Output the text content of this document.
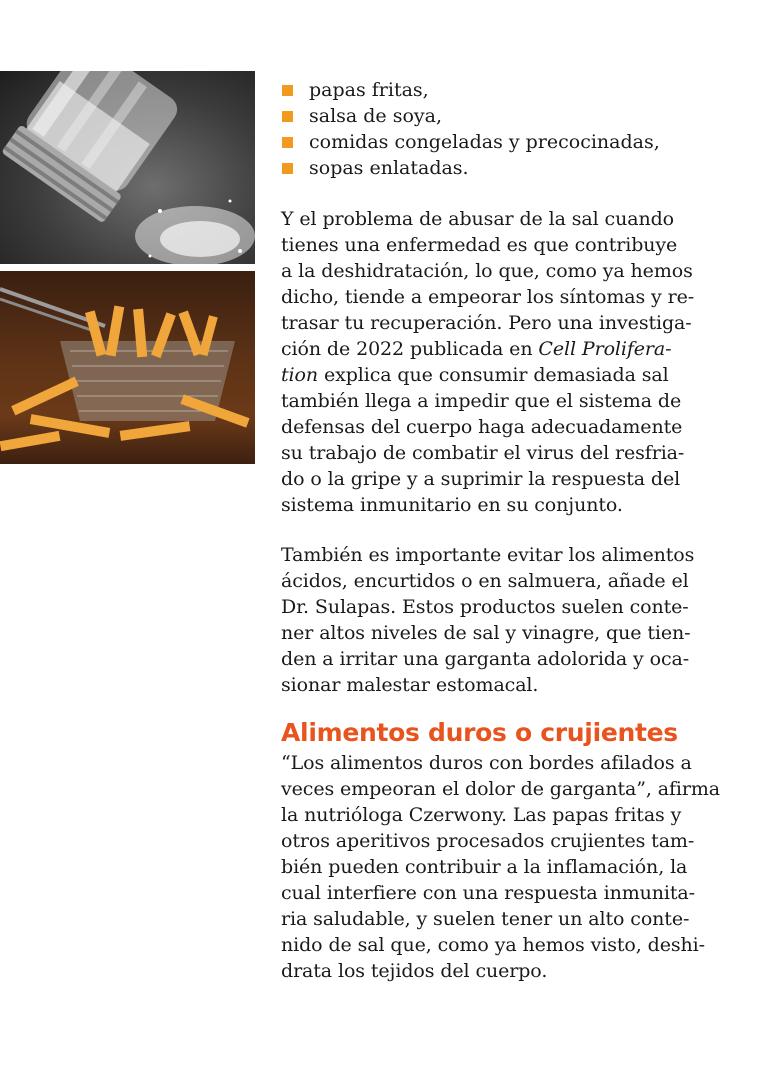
papas fritas,
salsa de soya,
comidas congeladas y precocinadas,
sopas enlatadas.
Y el problema de abusar de la sal cuando
tienes una enfermedad es que contribuye
a la deshidratación, lo que, como ya hemos
dicho, tiende a empeorar los síntomas y re-
trasar tu recuperación. Pero una investiga-
ción de 2022 publicada en Cell Prolifera-
tion explica que consumir demasiada sal
también llega a impedir que el sistema de
defensas del cuerpo haga adecuadamente
su trabajo de combatir el virus del resfria-
do o la gripe y a suprimir la respuesta del
sistema inmunitario en su conjunto.
También es importante evitar los alimentos
ácidos, encurtidos o en salmuera, añade el
Dr. Sulapas. Estos productos suelen conte-
ner altos niveles de sal y vinagre, que tien-
den a irritar una garganta adolorida y oca-
sionar malestar estomacal.
Alimentos duros o crujientes
“Los alimentos duros con bordes afilados a
veces empeoran el dolor de garganta”, afirma
la nutrióloga Czerwony. Las papas fritas y
otros aperitivos procesados crujientes tam-
bién pueden contribuir a la inflamación, la
cual interfiere con una respuesta inmunita-
ria saludable, y suelen tener un alto conte-
nido de sal que, como ya hemos visto, deshi-
drata los tejidos del cuerpo.
